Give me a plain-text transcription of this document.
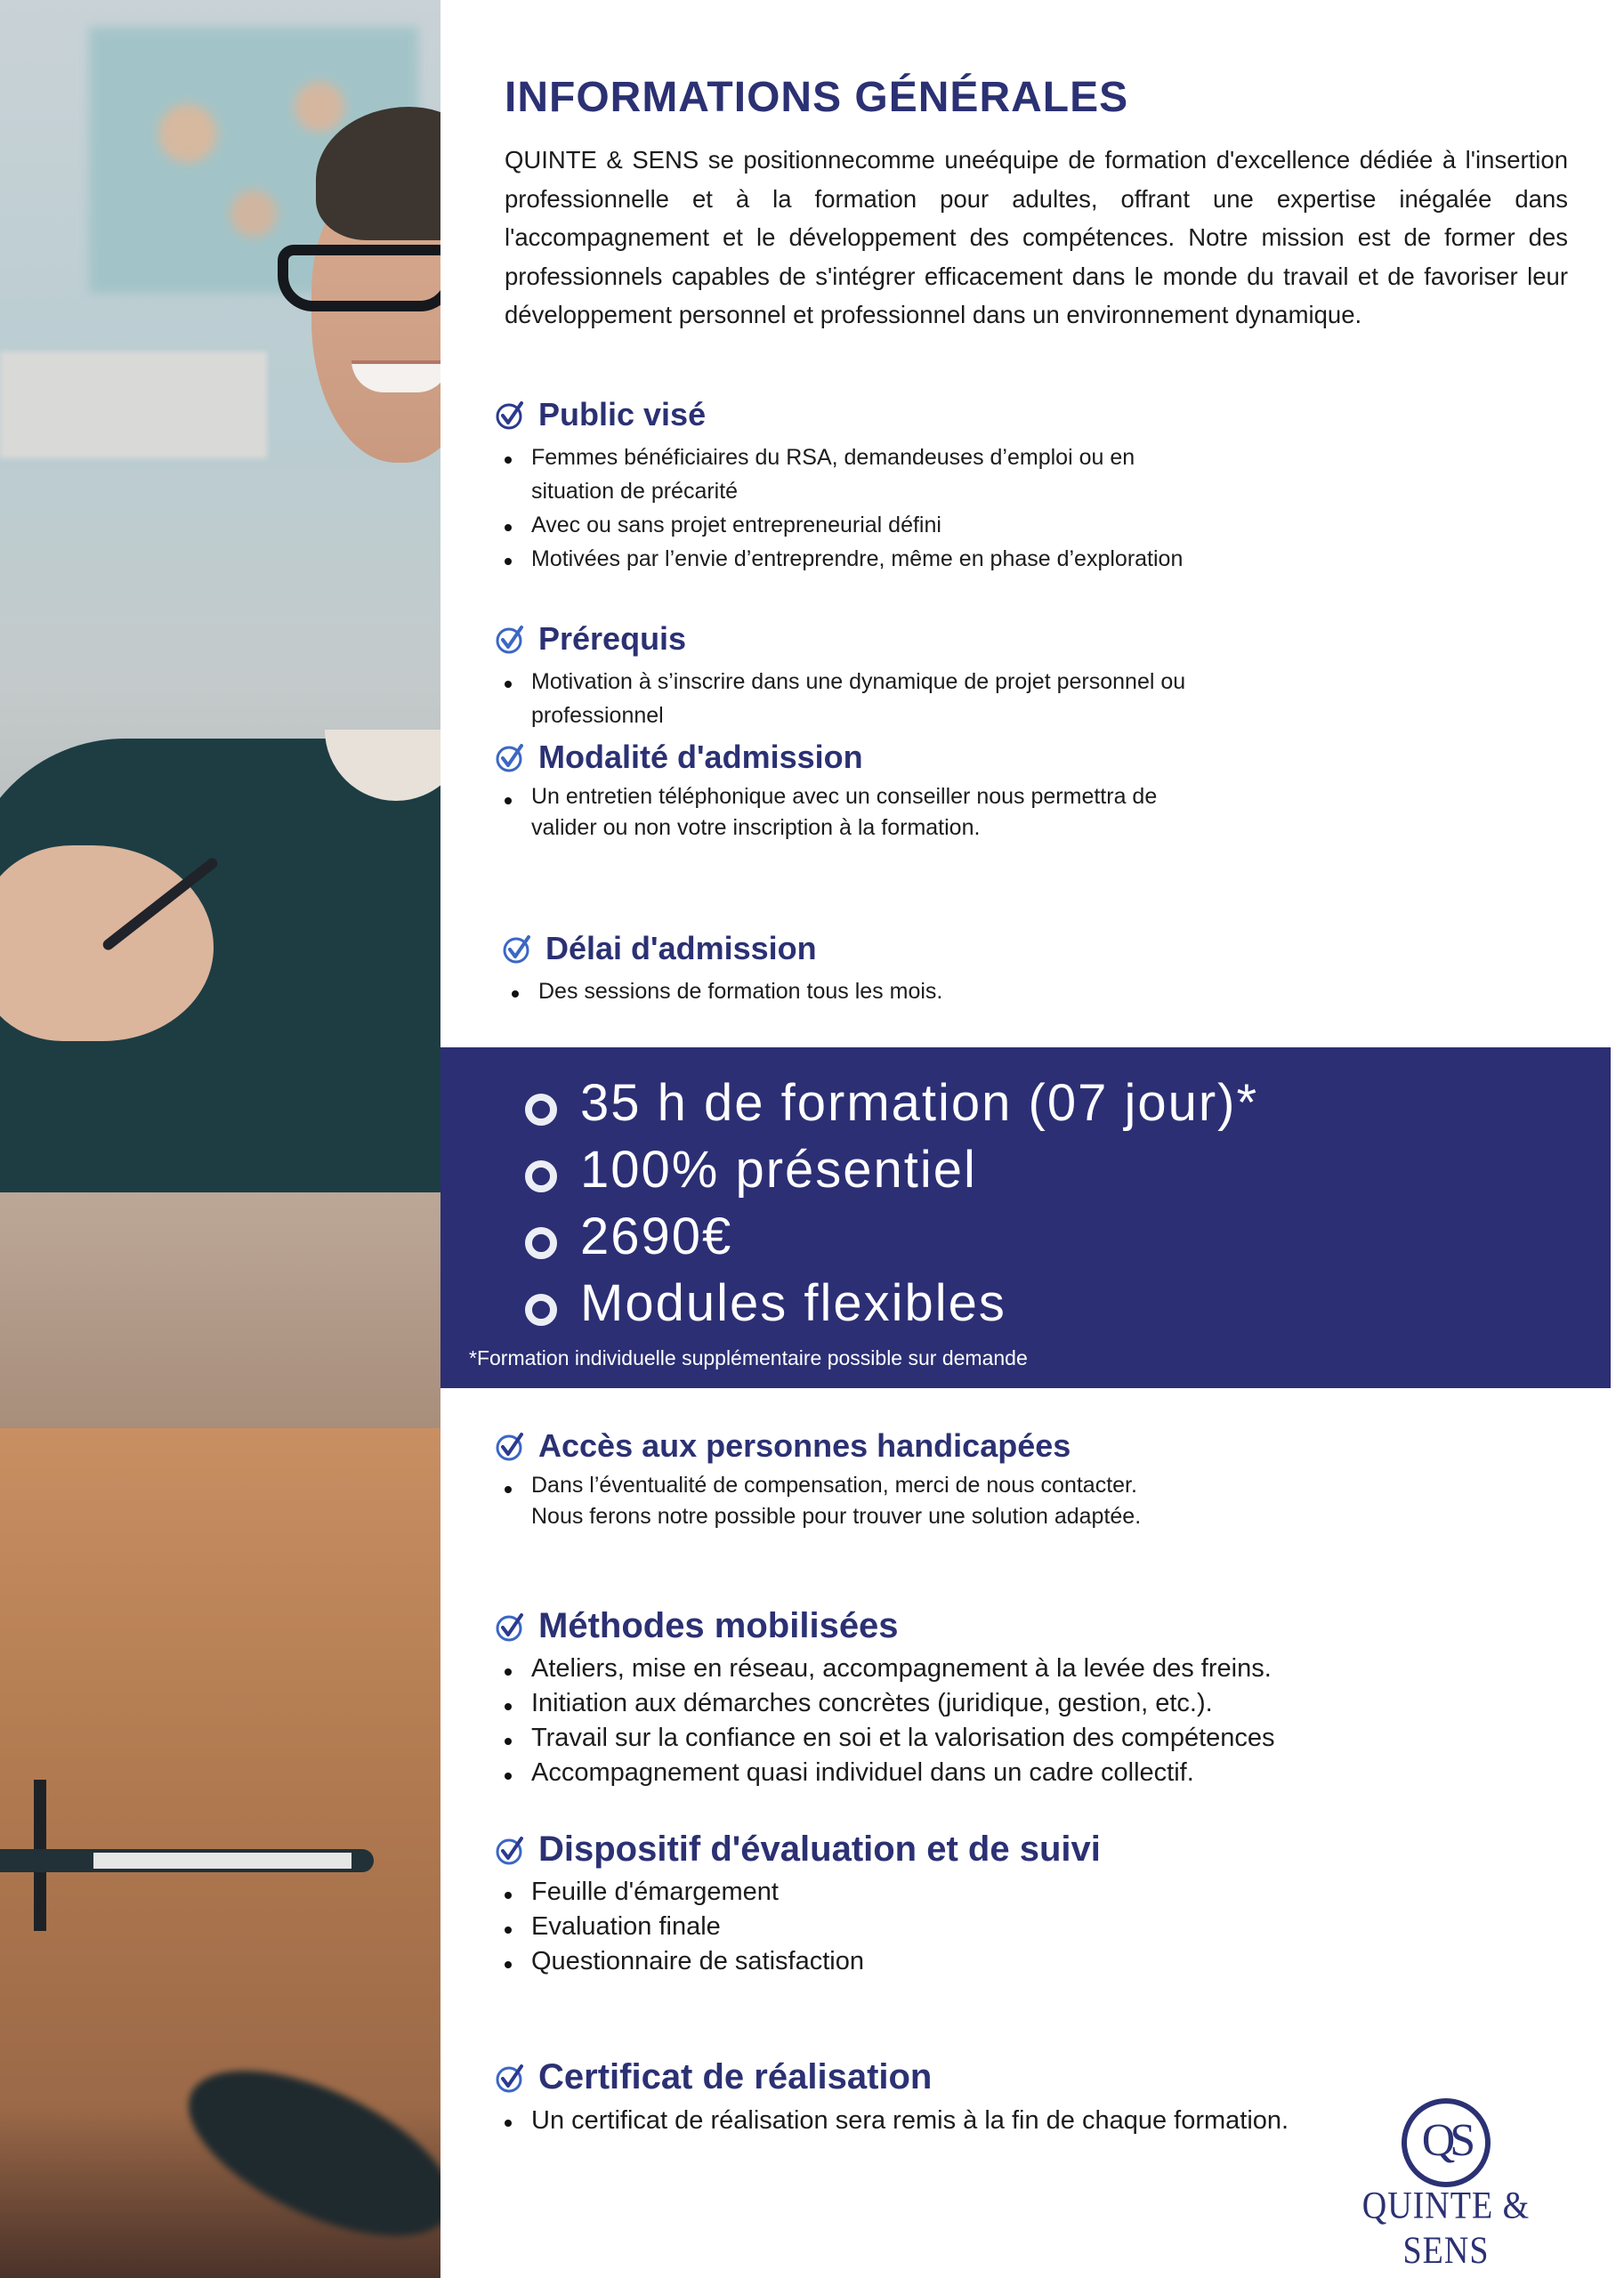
INFORMATIONS GÉNÉRALES

QUINTE & SENS se positionnecomme uneéquipe de formation d'excellence dédiée à l'insertion professionnelle et à la formation pour adultes, offrant une expertise inégalée dans l'accompagnement et le développement des compétences. Notre mission est de former des professionnels capables de s'intégrer efficacement dans le monde du travail et de favoriser leur développement personnel et professionnel dans un environnement dynamique.

Public visé
Femmes bénéficiaires du RSA, demandeuses d’emploi ou en situation de précarité
Avec ou sans projet entrepreneurial défini
Motivées par l’envie d’entreprendre, même en phase d’exploration
Prérequis
Motivation à s’inscrire dans une dynamique de projet personnel ou professionnel
Modalité d'admission
Un entretien téléphonique avec un conseiller nous permettra de valider ou non votre inscription à la formation.
Délai d'admission
Des sessions de formation tous les mois.
Accès aux personnes handicapées
Dans l’éventualité de compensation, merci de nous contacter. Nous ferons notre possible pour trouver une solution adaptée.
Méthodes mobilisées
Ateliers, mise en réseau, accompagnement à la levée des freins.
Initiation aux démarches concrètes (juridique, gestion, etc.).
Travail sur la confiance en soi et la valorisation des compétences
Accompagnement quasi individuel dans un cadre collectif.
Dispositif d'évaluation et de suivi
Feuille d'émargement
Evaluation finale
Questionnaire de satisfaction
Certificat de réalisation
Un certificat de réalisation sera remis à la fin de chaque formation.
35 h de formation (07 jour)*
100% présentiel
2690€
Modules flexibles
*Formation individuelle supplémentaire possible sur demande
QS
QUINTE & SENS
